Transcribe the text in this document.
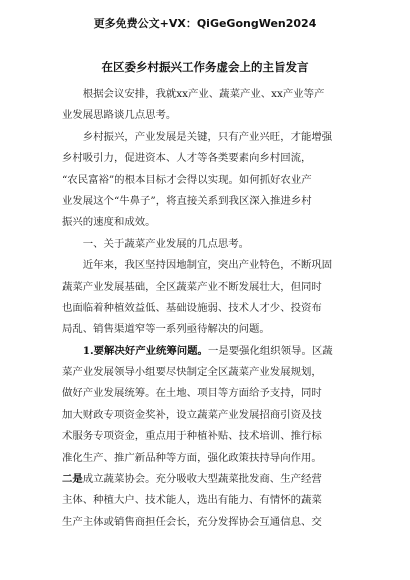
更多免费公文+VX：QiGeGongWen2024
在区委乡村振兴工作务虚会上的主旨发言
　　根据会议安排，我就xx产业、蔬菜产业、xx产业等产
业发展思路谈几点思考。
　　乡村振兴，产业发展是关键，只有产业兴旺，才能增强
乡村吸引力，促进资本、人才等各类要素向乡村回流，
“农民富裕”的根本目标才会得以实现。如何抓好农业产
业发展这个“牛鼻子”，将直接关系到我区深入推进乡村
振兴的速度和成效。
　　一、关于蔬菜产业发展的几点思考。
　　近年来，我区坚持因地制宜，突出产业特色，不断巩固
蔬菜产业发展基础，全区蔬菜产业不断发展壮大，但同时
也面临着种植效益低、基础设施弱、技术人才少、投资布
局乱、销售渠道窄等一系列亟待解决的问题。
　　1.要解决好产业统筹问题。一是要强化组织领导。区蔬
菜产业发展领导小组要尽快制定全区蔬菜产业发展规划，
做好产业发展统筹。在土地、项目等方面给予支持，同时
加大财政专项资金奖补，设立蔬菜产业发展招商引资及技
术服务专项资金，重点用于种植补贴、技术培训、推行标
准化生产、推广新品种等方面，强化政策扶持导向作用。
二是成立蔬菜协会。充分吸收大型蔬菜批发商、生产经营
主体、种植大户、技术能人，选出有能力、有情怀的蔬菜
生产主体或销售商担任会长，充分发挥协会互通信息、交
